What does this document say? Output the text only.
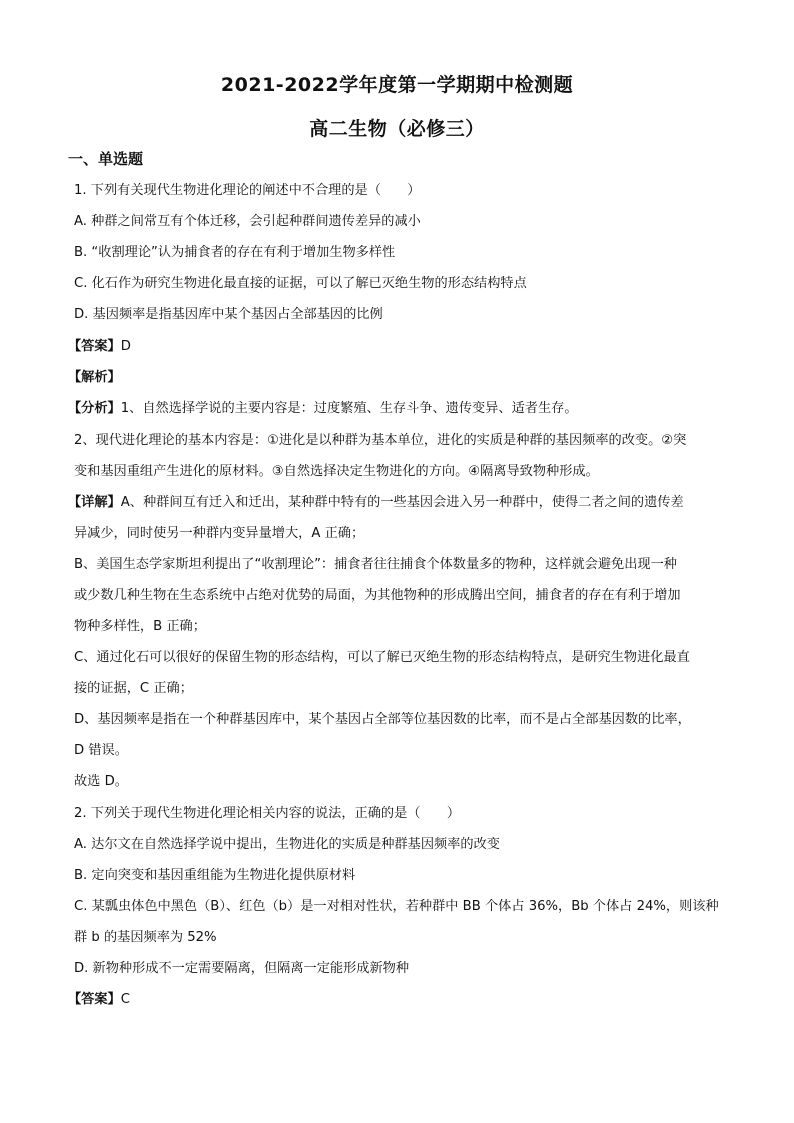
2021-2022学年度第一学期期中检测题
高二生物（必修三）
一、单选题
1. 下列有关现代生物进化理论的阐述中不合理的是（　　）
A. 种群之间常互有个体迁移，会引起种群间遗传差异的减小
B. “收割理论”认为捕食者的存在有利于增加生物多样性
C. 化石作为研究生物进化最直接的证据，可以了解已灭绝生物的形态结构特点
D. 基因频率是指基因库中某个基因占全部基因的比例
【答案】D
【解析】
【分析】1、自然选择学说的主要内容是：过度繁殖、生存斗争、遗传变异、适者生存。
2、现代进化理论的基本内容是：①进化是以种群为基本单位，进化的实质是种群的基因频率的改变。②突
变和基因重组产生进化的原材料。③自然选择决定生物进化的方向。④隔离导致物种形成。
【详解】A、种群间互有迁入和迁出，某种群中特有的一些基因会进入另一种群中，使得二者之间的遗传差
异减少，同时使另一种群内变异量增大，A 正确；
B、美国生态学家斯坦利提出了“收割理论”：捕食者往往捕食个体数量多的物种，这样就会避免出现一种
或少数几种生物在生态系统中占绝对优势的局面，为其他物种的形成腾出空间，捕食者的存在有利于增加
物种多样性，B 正确；
C、通过化石可以很好的保留生物的形态结构，可以了解已灭绝生物的形态结构特点，是研究生物进化最直
接的证据，C 正确；
D、基因频率是指在一个种群基因库中，某个基因占全部等位基因数的比率，而不是占全部基因数的比率，
D 错误。
故选 D。
2. 下列关于现代生物进化理论相关内容的说法，正确的是（　　）
A. 达尔文在自然选择学说中提出，生物进化的实质是种群基因频率的改变
B. 定向突变和基因重组能为生物进化提供原材料
C. 某瓢虫体色中黑色（B）、红色（b）是一对相对性状，若种群中 BB 个体占 36%，Bb 个体占 24%，则该种
群 b 的基因频率为 52%
D. 新物种形成不一定需要隔离，但隔离一定能形成新物种
【答案】C
